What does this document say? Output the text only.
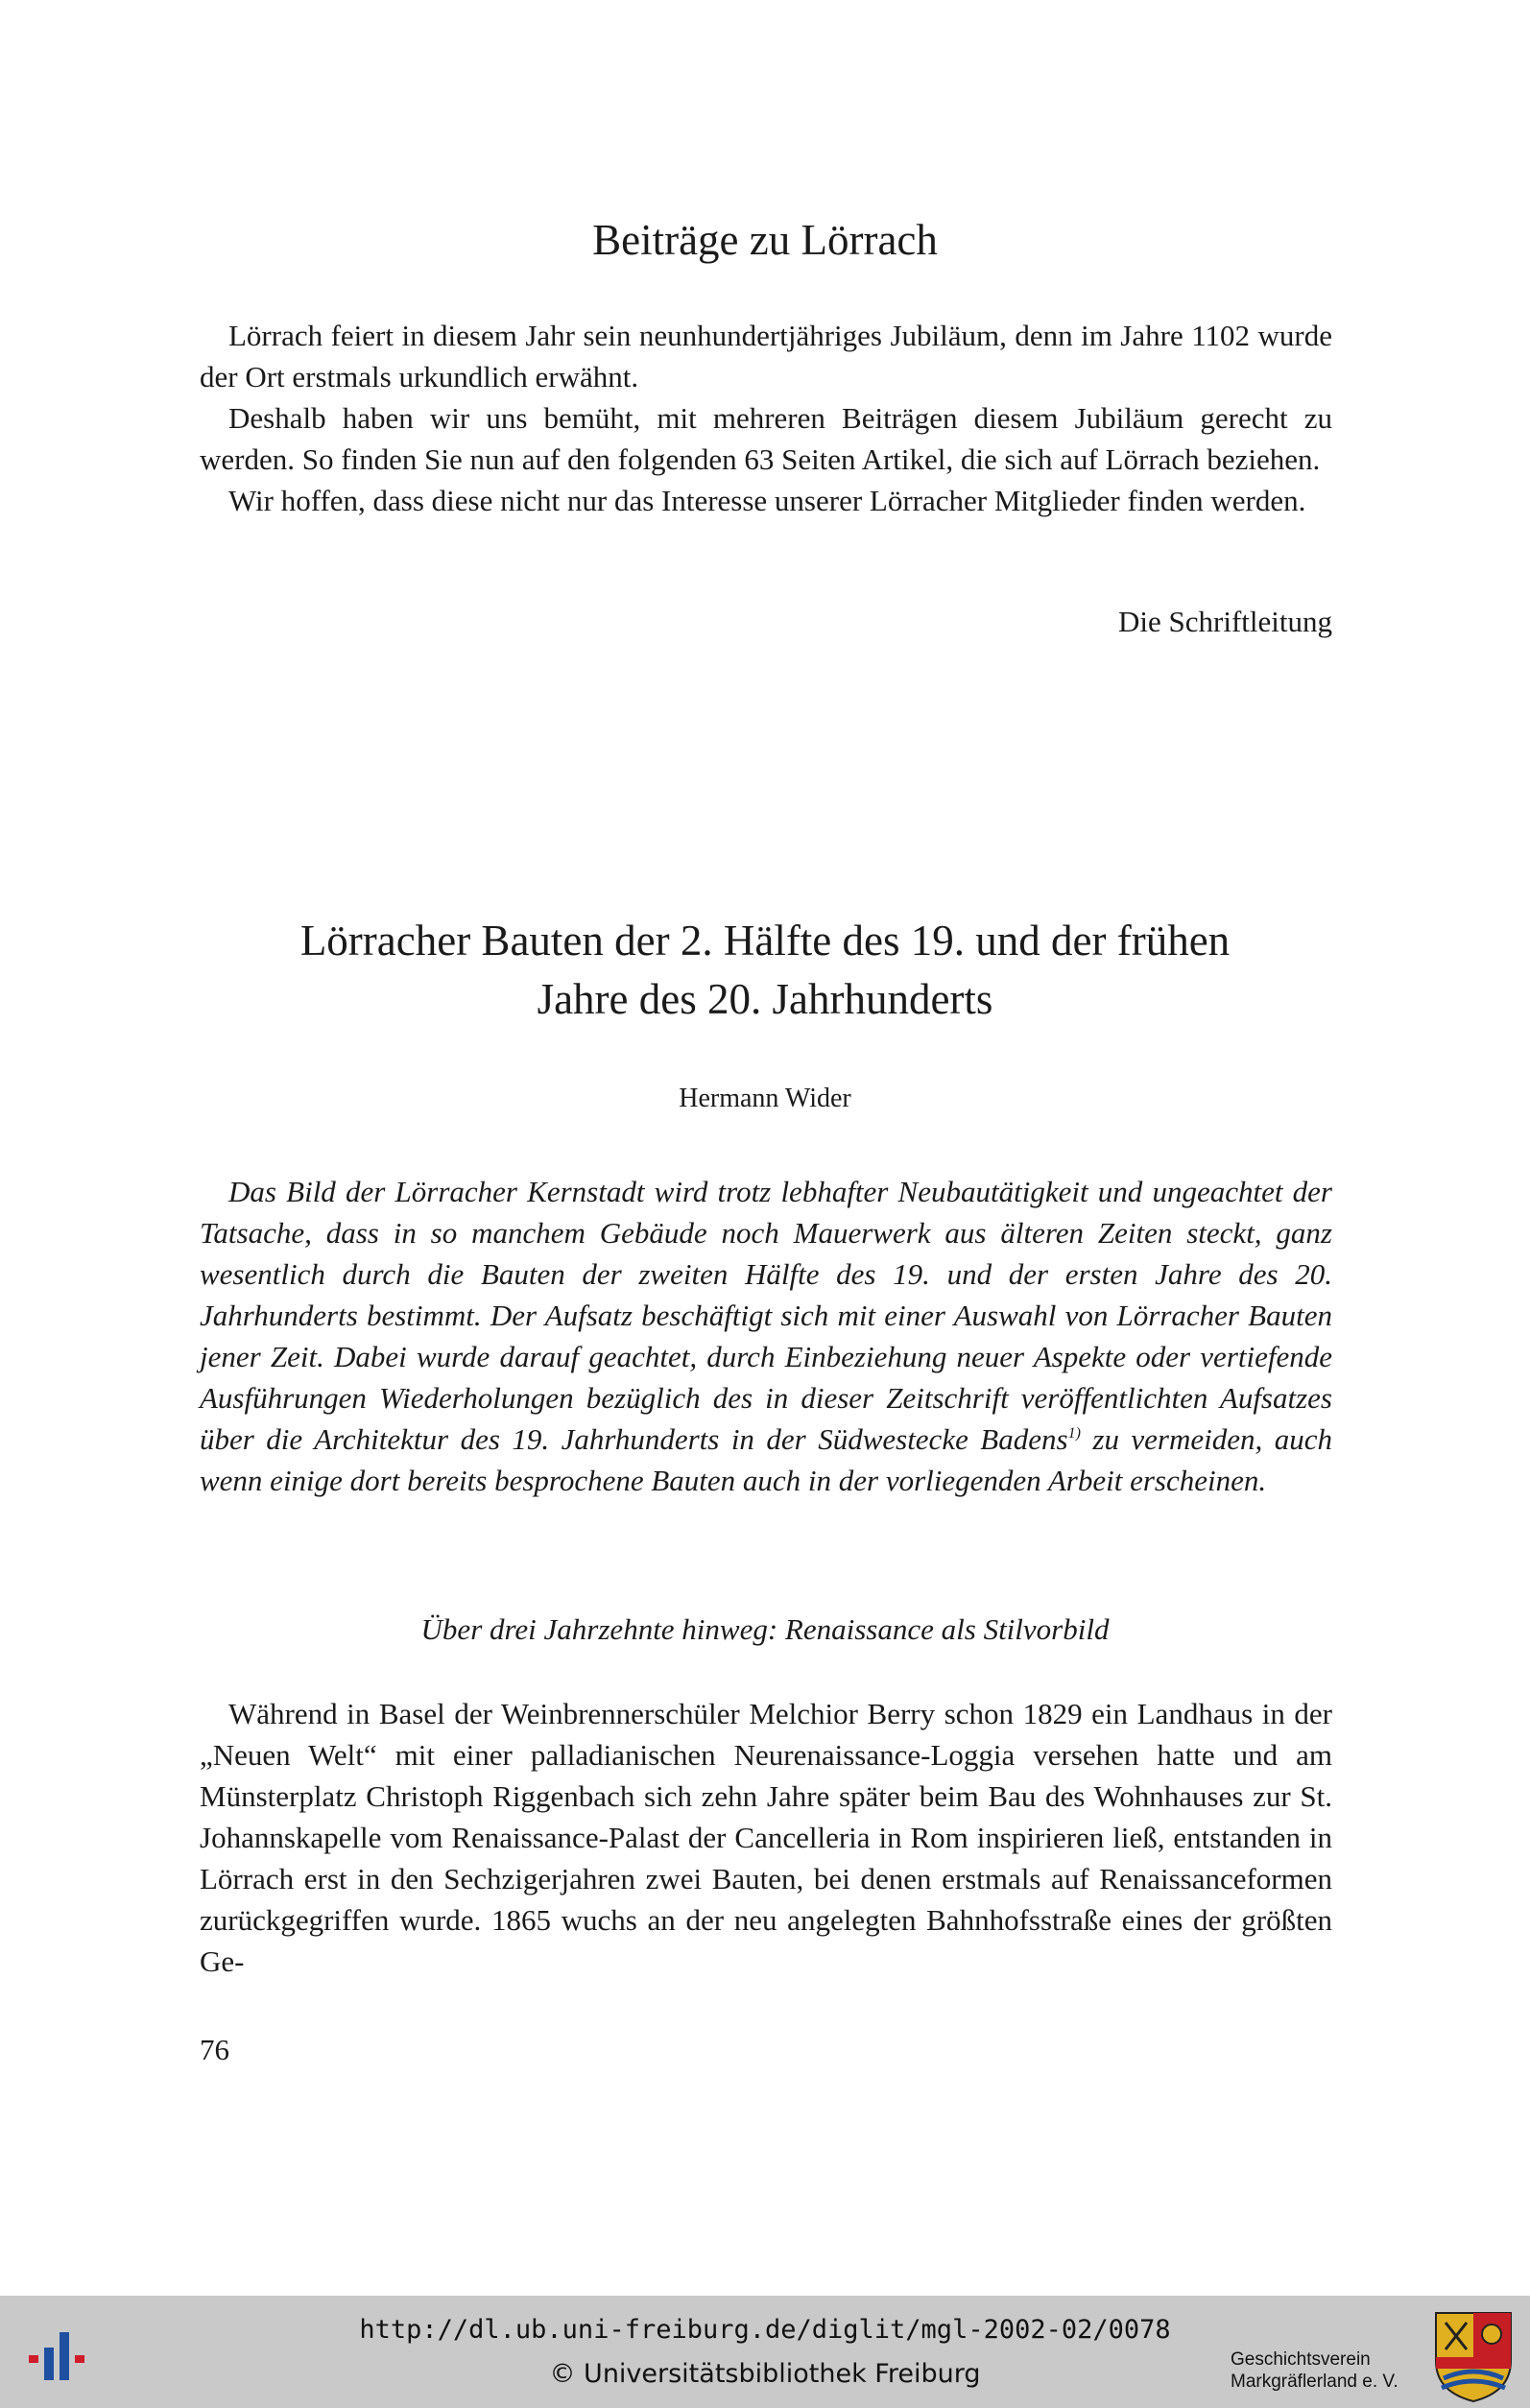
Beiträge zu Lörrach

Lörrach feiert in diesem Jahr sein neunhundertjähriges Jubiläum, denn im Jahre 1102 wurde der Ort erstmals urkundlich erwähnt.

Deshalb haben wir uns bemüht, mit mehreren Beiträgen diesem Jubiläum gerecht zu werden. So finden Sie nun auf den folgenden 63 Seiten Artikel, die sich auf Lörrach beziehen.

Wir hoffen, dass diese nicht nur das Interesse unserer Lörracher Mitglieder finden werden.

Die Schriftleitung
Lörracher Bauten der 2. Hälfte des 19. und der frühen
Jahre des 20. Jahrhunderts
Hermann Wider

Das Bild der Lörracher Kernstadt wird trotz lebhafter Neubautätigkeit und ungeachtet der Tatsache, dass in so manchem Gebäude noch Mauerwerk aus älteren Zeiten steckt, ganz wesentlich durch die Bauten der zweiten Hälfte des 19. und der ersten Jahre des 20. Jahrhunderts bestimmt. Der Aufsatz beschäftigt sich mit einer Auswahl von Lörracher Bauten jener Zeit. Dabei wurde darauf geachtet, durch Einbeziehung neuer Aspekte oder vertiefende Ausführungen Wiederholungen bezüglich des in dieser Zeitschrift veröffentlichten Aufsatzes über die Architektur des 19. Jahrhunderts in der Südwestecke Badens$^{1)}$ zu vermeiden, auch wenn einige dort bereits besprochene Bauten auch in der vorliegenden Arbeit erscheinen.

Über drei Jahrzehnte hinweg: Renaissance als Stilvorbild

Während in Basel der Weinbrennerschüler Melchior Berry schon 1829 ein Landhaus in der „Neuen Welt“ mit einer palladianischen Neurenaissance-Loggia versehen hatte und am Münsterplatz Christoph Riggenbach sich zehn Jahre später beim Bau des Wohnhauses zur St. Johannskapelle vom Renaissance-Palast der Cancelleria in Rom inspirieren ließ, entstanden in Lörrach erst in den Sechzigerjahren zwei Bauten, bei denen erstmals auf Renaissanceformen zurückgegriffen wurde. 1865 wuchs an der neu angelegten Bahnhofsstraße eines der größten Ge-

76
http://dl.ub.uni-freiburg.de/diglit/mgl-2002-02/0078
© Universitätsbibliothek Freiburg	Geschichtsverein
Markgräflerland e. V.
